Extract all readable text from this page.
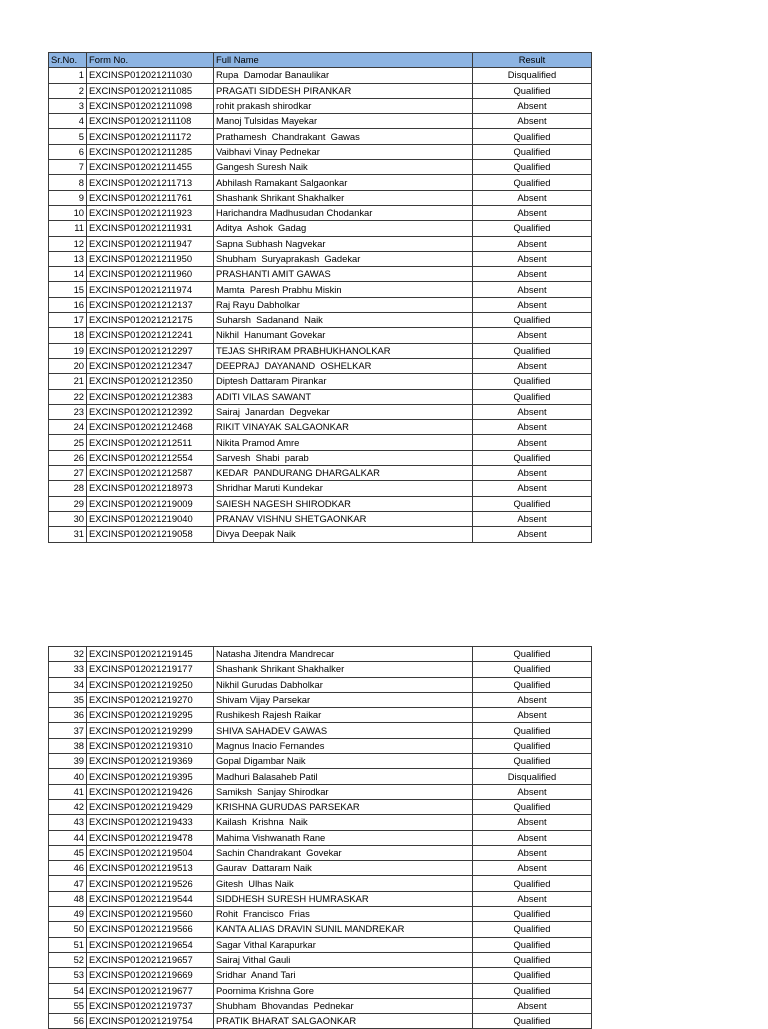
Sr.No.	Form No.	Full Name	Result
1	EXCINSP012021211030	Rupa  Damodar Banaulikar	Disqualified
2	EXCINSP012021211085	PRAGATI SIDDESH PIRANKAR	Qualified
3	EXCINSP012021211098	rohit prakash shirodkar	Absent
4	EXCINSP012021211108	Manoj Tulsidas Mayekar	Absent
5	EXCINSP012021211172	Prathamesh  Chandrakant  Gawas	Qualified
6	EXCINSP012021211285	Vaibhavi Vinay Pednekar	Qualified
7	EXCINSP012021211455	Gangesh Suresh Naik	Qualified
8	EXCINSP012021211713	Abhilash Ramakant Salgaonkar	Qualified
9	EXCINSP012021211761	Shashank Shrikant Shakhalker	Absent
10	EXCINSP012021211923	Harichandra Madhusudan Chodankar	Absent
11	EXCINSP012021211931	Aditya  Ashok  Gadag	Qualified
12	EXCINSP012021211947	Sapna Subhash Nagvekar	Absent
13	EXCINSP012021211950	Shubham  Suryaprakash  Gadekar	Absent
14	EXCINSP012021211960	PRASHANTI AMIT GAWAS	Absent
15	EXCINSP012021211974	Mamta  Paresh Prabhu Miskin	Absent
16	EXCINSP012021212137	Raj Rayu Dabholkar	Absent
17	EXCINSP012021212175	Suharsh  Sadanand  Naik	Qualified
18	EXCINSP012021212241	Nikhil  Hanumant Govekar	Absent
19	EXCINSP012021212297	TEJAS SHRIRAM PRABHUKHANOLKAR	Qualified
20	EXCINSP012021212347	DEEPRAJ  DAYANAND  OSHELKAR	Absent
21	EXCINSP012021212350	Diptesh Dattaram Pirankar	Qualified
22	EXCINSP012021212383	ADITI VILAS SAWANT	Qualified
23	EXCINSP012021212392	Sairaj  Janardan  Degvekar	Absent
24	EXCINSP012021212468	RIKIT VINAYAK SALGAONKAR	Absent
25	EXCINSP012021212511	Nikita Pramod Amre	Absent
26	EXCINSP012021212554	Sarvesh  Shabi  parab	Qualified
27	EXCINSP012021212587	KEDAR  PANDURANG DHARGALKAR	Absent
28	EXCINSP012021218973	Shridhar Maruti Kundekar	Absent
29	EXCINSP012021219009	SAIESH NAGESH SHIRODKAR	Qualified
30	EXCINSP012021219040	PRANAV VISHNU SHETGAONKAR	Absent
31	EXCINSP012021219058	Divya Deepak Naik	Absent
32	EXCINSP012021219145	Natasha Jitendra Mandrecar	Qualified
33	EXCINSP012021219177	Shashank Shrikant Shakhalker	Qualified
34	EXCINSP012021219250	Nikhil Gurudas Dabholkar	Qualified
35	EXCINSP012021219270	Shivam Vijay Parsekar	Absent
36	EXCINSP012021219295	Rushikesh Rajesh Raikar	Absent
37	EXCINSP012021219299	SHIVA SAHADEV GAWAS	Qualified
38	EXCINSP012021219310	Magnus Inacio Fernandes	Qualified
39	EXCINSP012021219369	Gopal Digambar Naik	Qualified
40	EXCINSP012021219395	Madhuri Balasaheb Patil	Disqualified
41	EXCINSP012021219426	Samiksh  Sanjay Shirodkar	Absent
42	EXCINSP012021219429	KRISHNA GURUDAS PARSEKAR	Qualified
43	EXCINSP012021219433	Kailash  Krishna  Naik	Absent
44	EXCINSP012021219478	Mahima Vishwanath Rane	Absent
45	EXCINSP012021219504	Sachin Chandrakant  Govekar	Absent
46	EXCINSP012021219513	Gaurav  Dattaram Naik	Absent
47	EXCINSP012021219526	Gitesh  Ulhas Naik	Qualified
48	EXCINSP012021219544	SIDDHESH SURESH HUMRASKAR	Absent
49	EXCINSP012021219560	Rohit  Francisco  Frias	Qualified
50	EXCINSP012021219566	KANTA ALIAS DRAVIN SUNIL MANDREKAR	Qualified
51	EXCINSP012021219654	Sagar Vithal Karapurkar	Qualified
52	EXCINSP012021219657	Sairaj Vithal Gauli	Qualified
53	EXCINSP012021219669	Sridhar  Anand Tari	Qualified
54	EXCINSP012021219677	Poornima Krishna Gore	Qualified
55	EXCINSP012021219737	Shubham  Bhovandas  Pednekar	Absent
56	EXCINSP012021219754	PRATIK BHARAT SALGAONKAR	Qualified
